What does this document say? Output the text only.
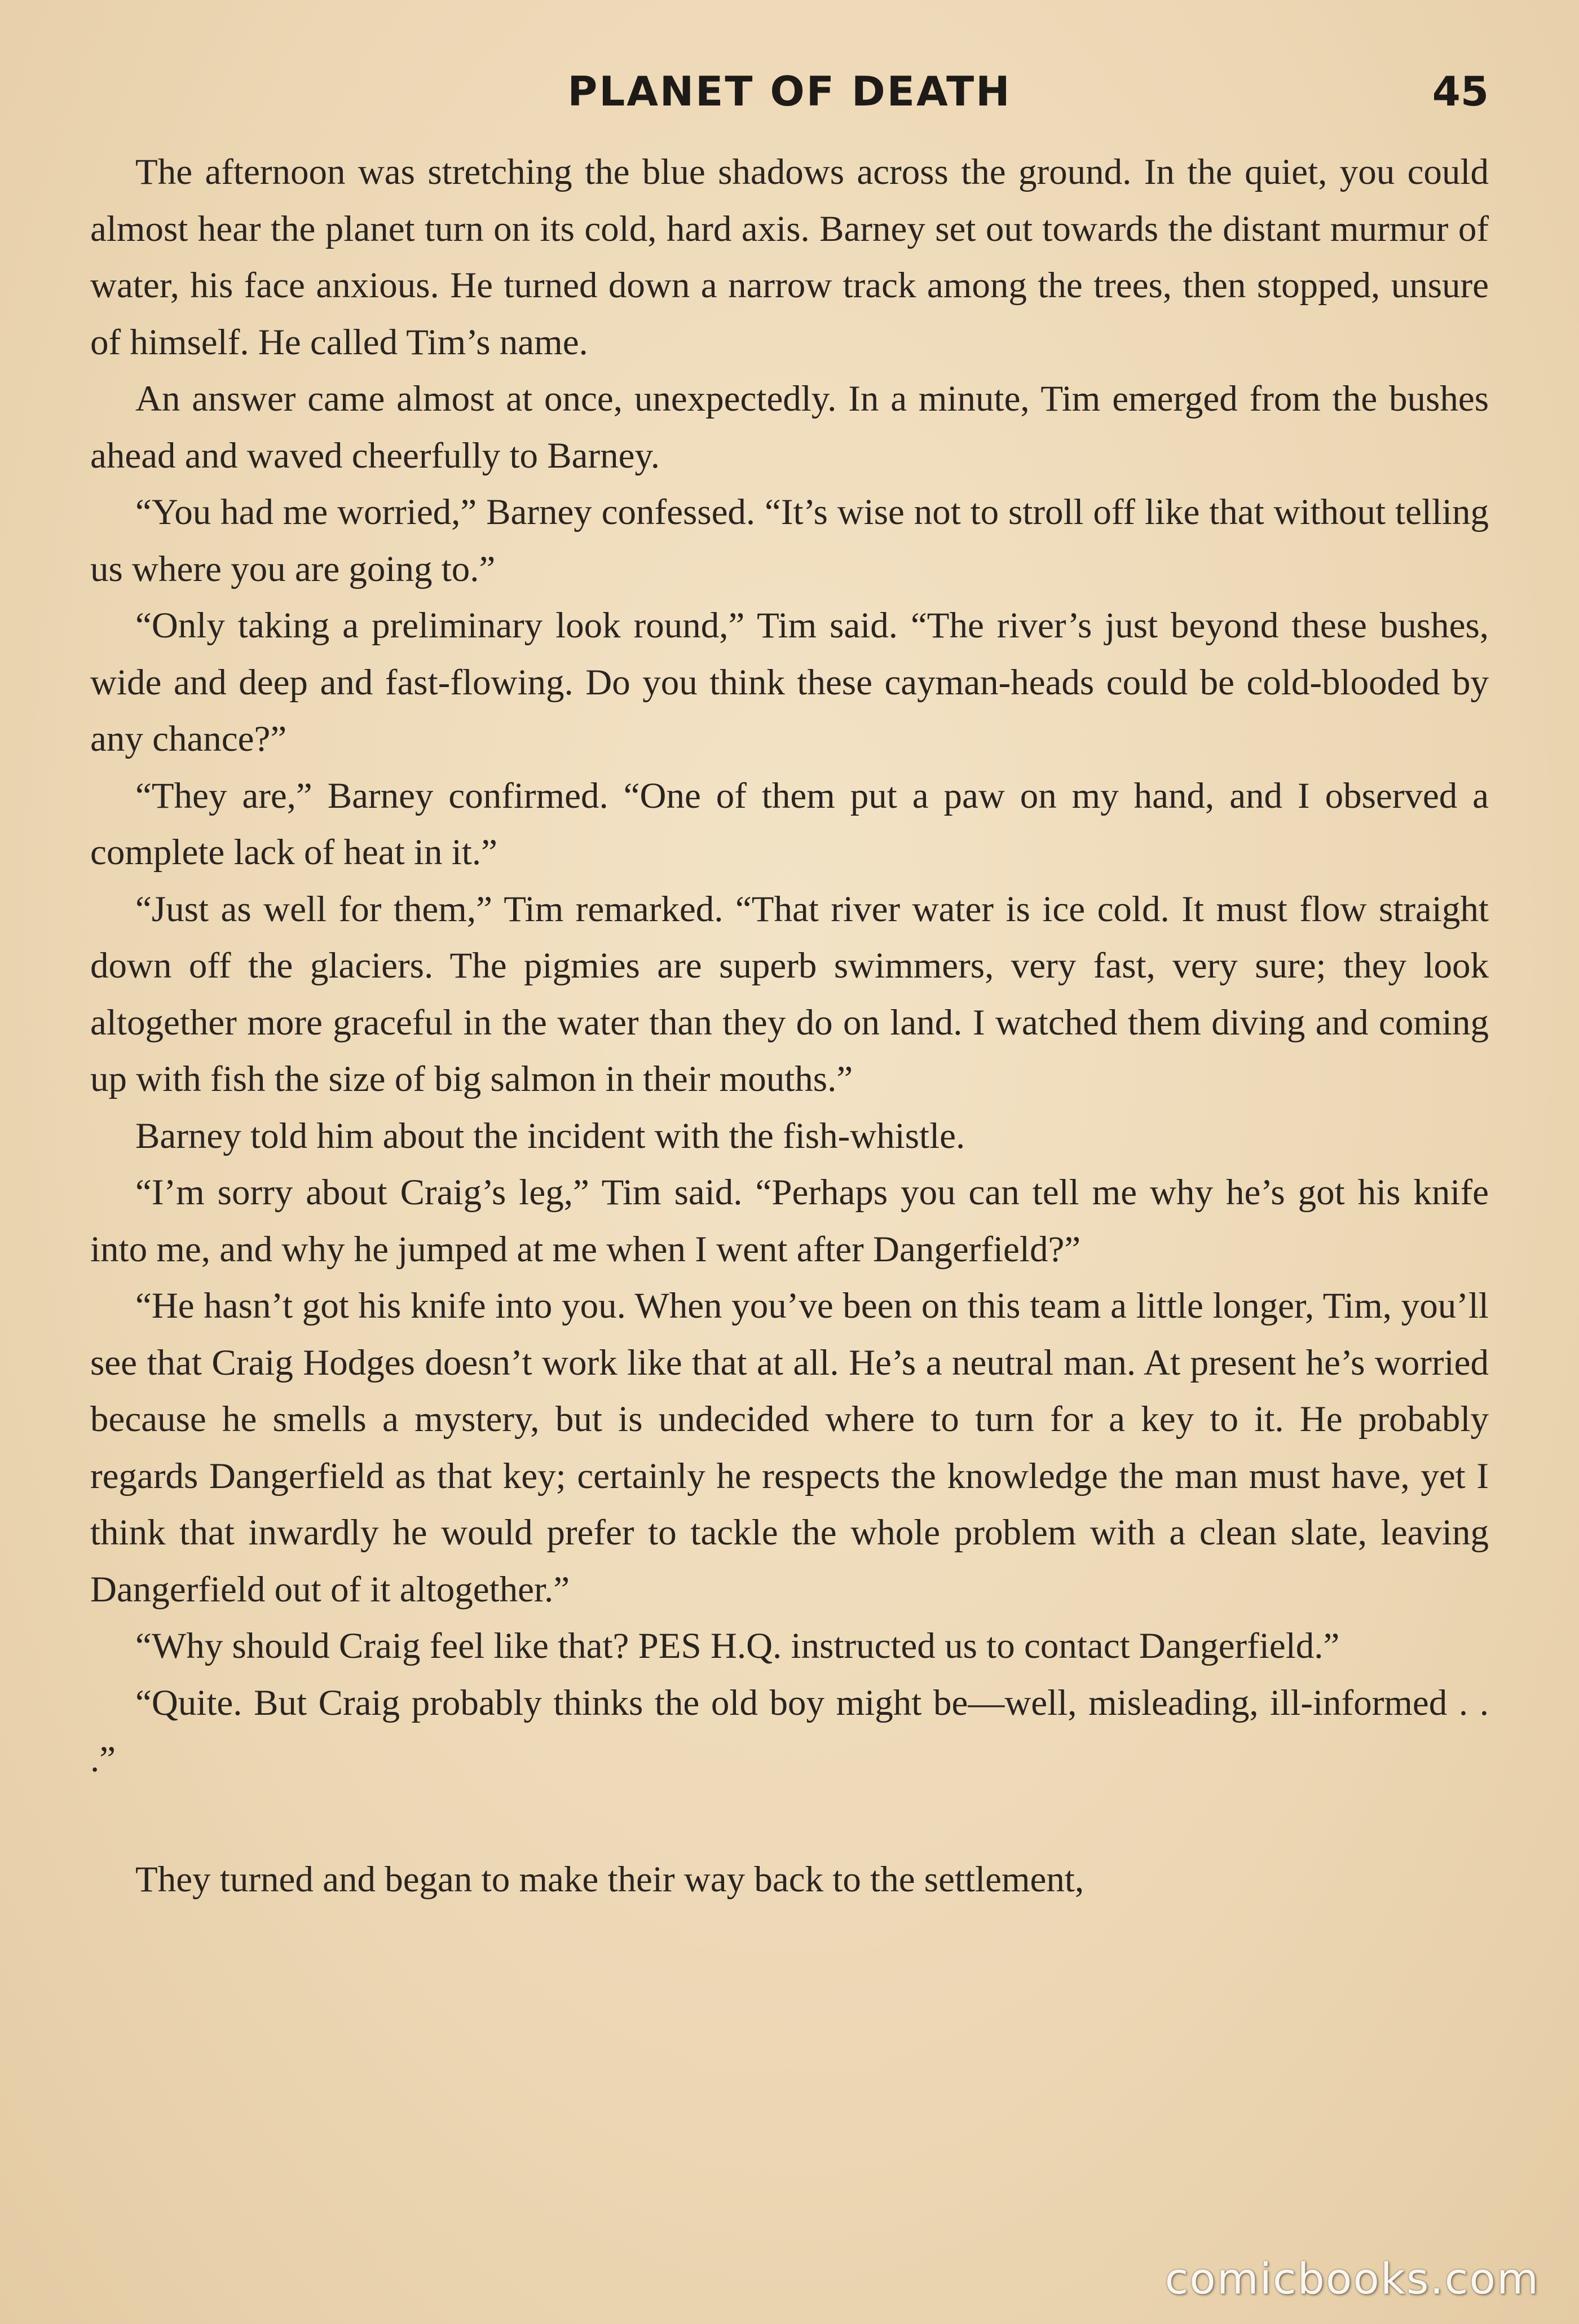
PLANET OF DEATH	45

The afternoon was stretching the blue shadows across the ground. In the quiet, you could almost hear the planet turn on its cold, hard axis. Barney set out towards the distant murmur of water, his face anxious. He turned down a narrow track among the trees, then stopped, unsure of himself. He called Tim’s name.

An answer came almost at once, unexpectedly. In a minute, Tim emerged from the bushes ahead and waved cheerfully to Barney.

“You had me worried,” Barney confessed. “It’s wise not to stroll off like that without telling us where you are going to.”

“Only taking a preliminary look round,” Tim said. “The river’s just beyond these bushes, wide and deep and fast-flowing. Do you think these cayman-heads could be cold-blooded by any chance?”

“They are,” Barney confirmed. “One of them put a paw on my hand, and I observed a complete lack of heat in it.”

“Just as well for them,” Tim remarked. “That river water is ice cold. It must flow straight down off the glaciers. The pigmies are superb swimmers, very fast, very sure; they look altogether more graceful in the water than they do on land. I watched them diving and coming up with fish the size of big salmon in their mouths.”

Barney told him about the incident with the fish-whistle.

“I’m sorry about Craig’s leg,” Tim said. “Perhaps you can tell me why he’s got his knife into me, and why he jumped at me when I went after Dangerfield?”

“He hasn’t got his knife into you. When you’ve been on this team a little longer, Tim, you’ll see that Craig Hodges doesn’t work like that at all. He’s a neutral man. At present he’s worried because he smells a mystery, but is undecided where to turn for a key to it. He probably regards Dangerfield as that key; certainly he respects the knowledge the man must have, yet I think that inwardly he would prefer to tackle the whole problem with a clean slate, leaving Dangerfield out of it altogether.”

“Why should Craig feel like that? PES H.Q. instructed us to contact Dangerfield.”

“Quite. But Craig probably thinks the old boy might be—well, misleading, ill-informed . . .”

They turned and began to make their way back to the settlement,

comicbooks.com
